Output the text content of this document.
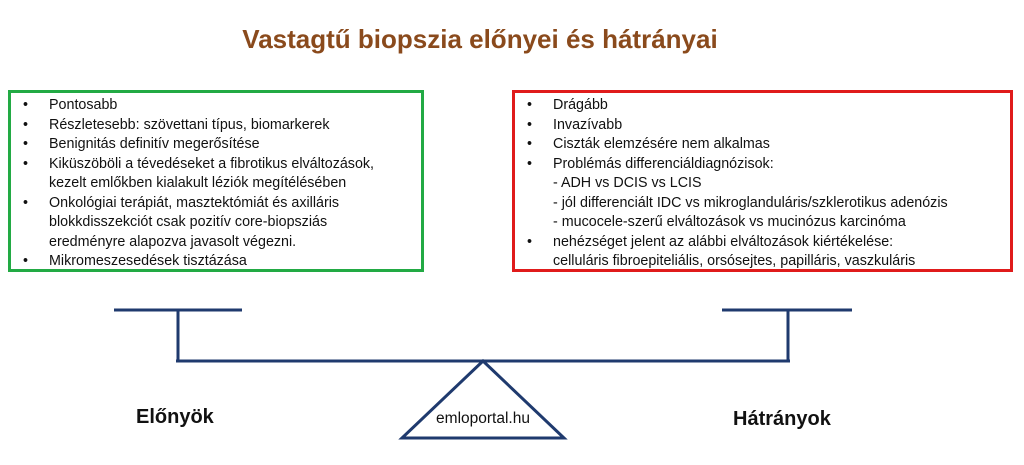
Vastagtű biopszia előnyei és hátrányai
• Pontosabb
• Részletesebb: szövettani típus, biomarkerek
• Benignitás definitív megerősítése
• Kiküszöböli a tévedéseket a fibrotikus elváltozások,
kezelt emlőkben kialakult léziók megítélésében
• Onkológiai terápiát, masztektómiát és axilláris
blokkdisszekciót csak pozitív core-biopsziás
eredményre alapozva javasolt végezni.
• Mikromeszesedések tisztázása
• Drágább
• Invazívabb
• Ciszták elemzésére nem alkalmas
• Problémás differenciáldiagnózisok:
- ADH vs DCIS vs LCIS
- jól differenciált IDC vs mikroglanduláris/szklerotikus adenózis
- mucocele-szerű elváltozások vs mucinózus karcinóma
• nehézséget jelent az alábbi elváltozások kiértékelése:
celluláris fibroepiteliális, orsósejtes, papilláris, vaszkuláris
emloportal.hu
Előnyök	Hátrányok
